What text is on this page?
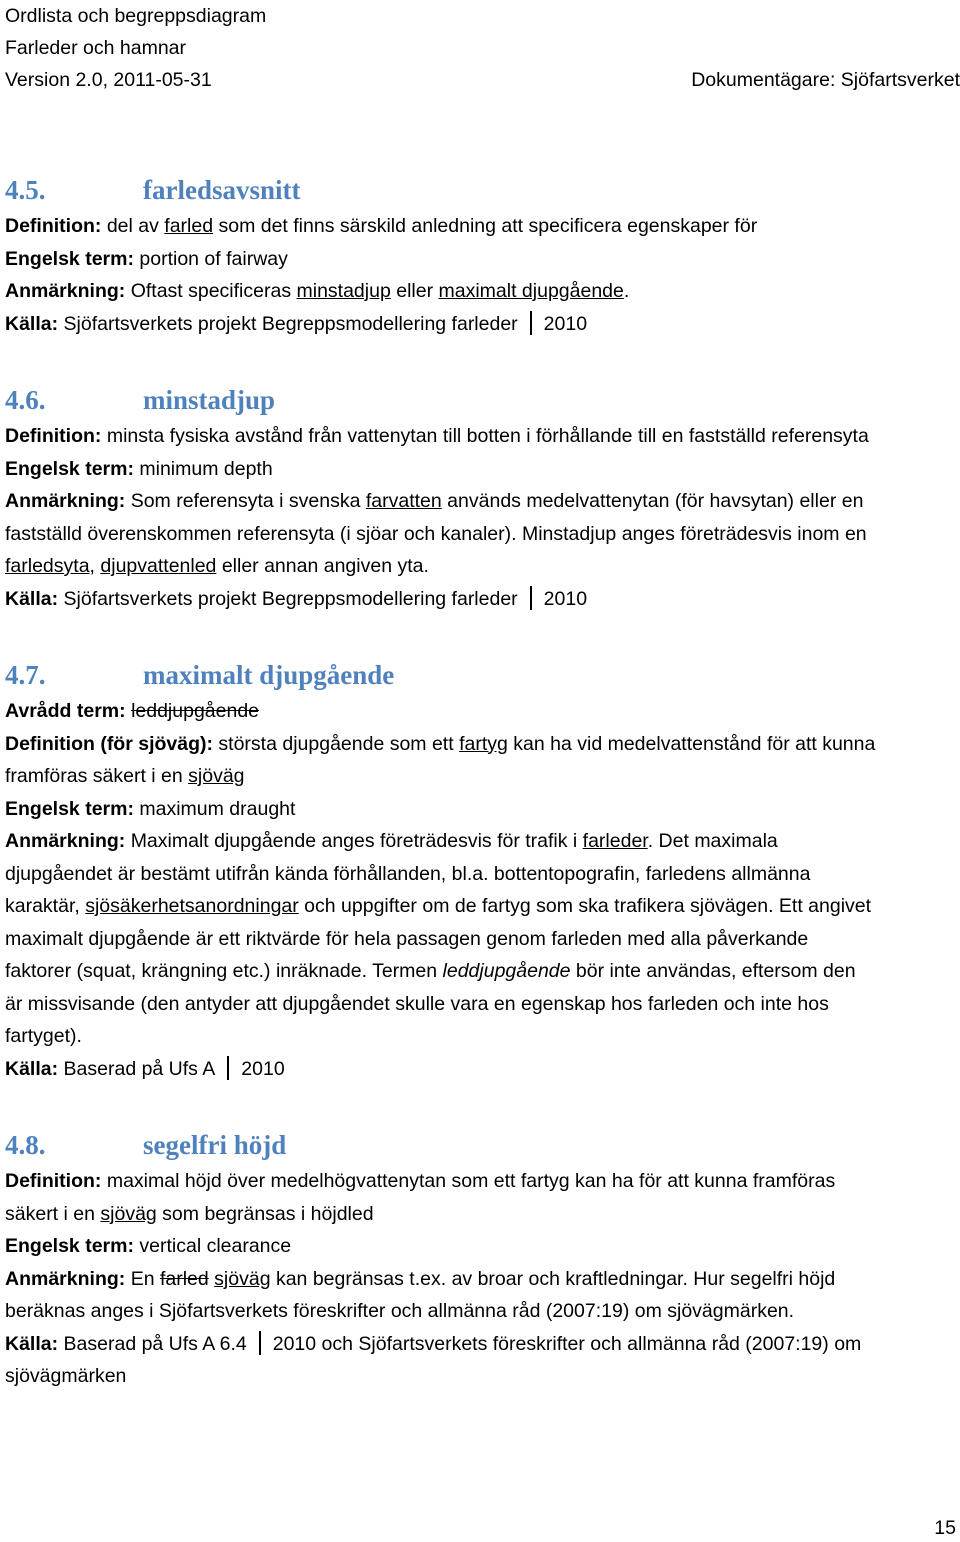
Ordlista och begreppsdiagram
Farleder och hamnar
Version 2.0, 2011-05-31	Dokumentägare: Sjöfartsverket
4.5.	farledsavsnitt
Definition: del av farled som det finns särskild anledning att specificera egenskaper för
Engelsk term: portion of fairway
Anmärkning: Oftast specificeras minstadjup eller maximalt djupgående.
Källa: Sjöfartsverkets projekt Begreppsmodellering farleder 2010
4.6.	minstadjup
Definition: minsta fysiska avstånd från vattenytan till botten i förhållande till en fastställd referensyta
Engelsk term: minimum depth
Anmärkning: Som referensyta i svenska farvatten används medelvattenytan (för havsytan) eller en
fastställd överenskommen referensyta (i sjöar och kanaler). Minstadjup anges företrädesvis inom en
farledsyta, djupvattenled eller annan angiven yta.
Källa: Sjöfartsverkets projekt Begreppsmodellering farleder 2010
4.7.	maximalt djupgående
Avrådd term: leddjupgående
Definition (för sjöväg): största djupgående som ett fartyg kan ha vid medelvattenstånd för att kunna
framföras säkert i en sjöväg
Engelsk term: maximum draught
Anmärkning: Maximalt djupgående anges företrädesvis för trafik i farleder. Det maximala
djupgåendet är bestämt utifrån kända förhållanden, bl.a. bottentopografin, farledens allmänna
karaktär, sjösäkerhetsanordningar och uppgifter om de fartyg som ska trafikera sjövägen. Ett angivet
maximalt djupgående är ett riktvärde för hela passagen genom farleden med alla påverkande
faktorer (squat, krängning etc.) inräknade. Termen leddjupgående bör inte användas, eftersom den
är missvisande (den antyder att djupgåendet skulle vara en egenskap hos farleden och inte hos
fartyget).
Källa: Baserad på Ufs A 2010
4.8.	segelfri höjd
Definition: maximal höjd över medelhögvattenytan som ett fartyg kan ha för att kunna framföras
säkert i en sjöväg som begränsas i höjdled
Engelsk term: vertical clearance
Anmärkning: En farled sjöväg kan begränsas t.ex. av broar och kraftledningar. Hur segelfri höjd
beräknas anges i Sjöfartsverkets föreskrifter och allmänna råd (2007:19) om sjövägmärken.
Källa: Baserad på Ufs A 6.4 2010 och Sjöfartsverkets föreskrifter och allmänna råd (2007:19) om
sjövägmärken
15
